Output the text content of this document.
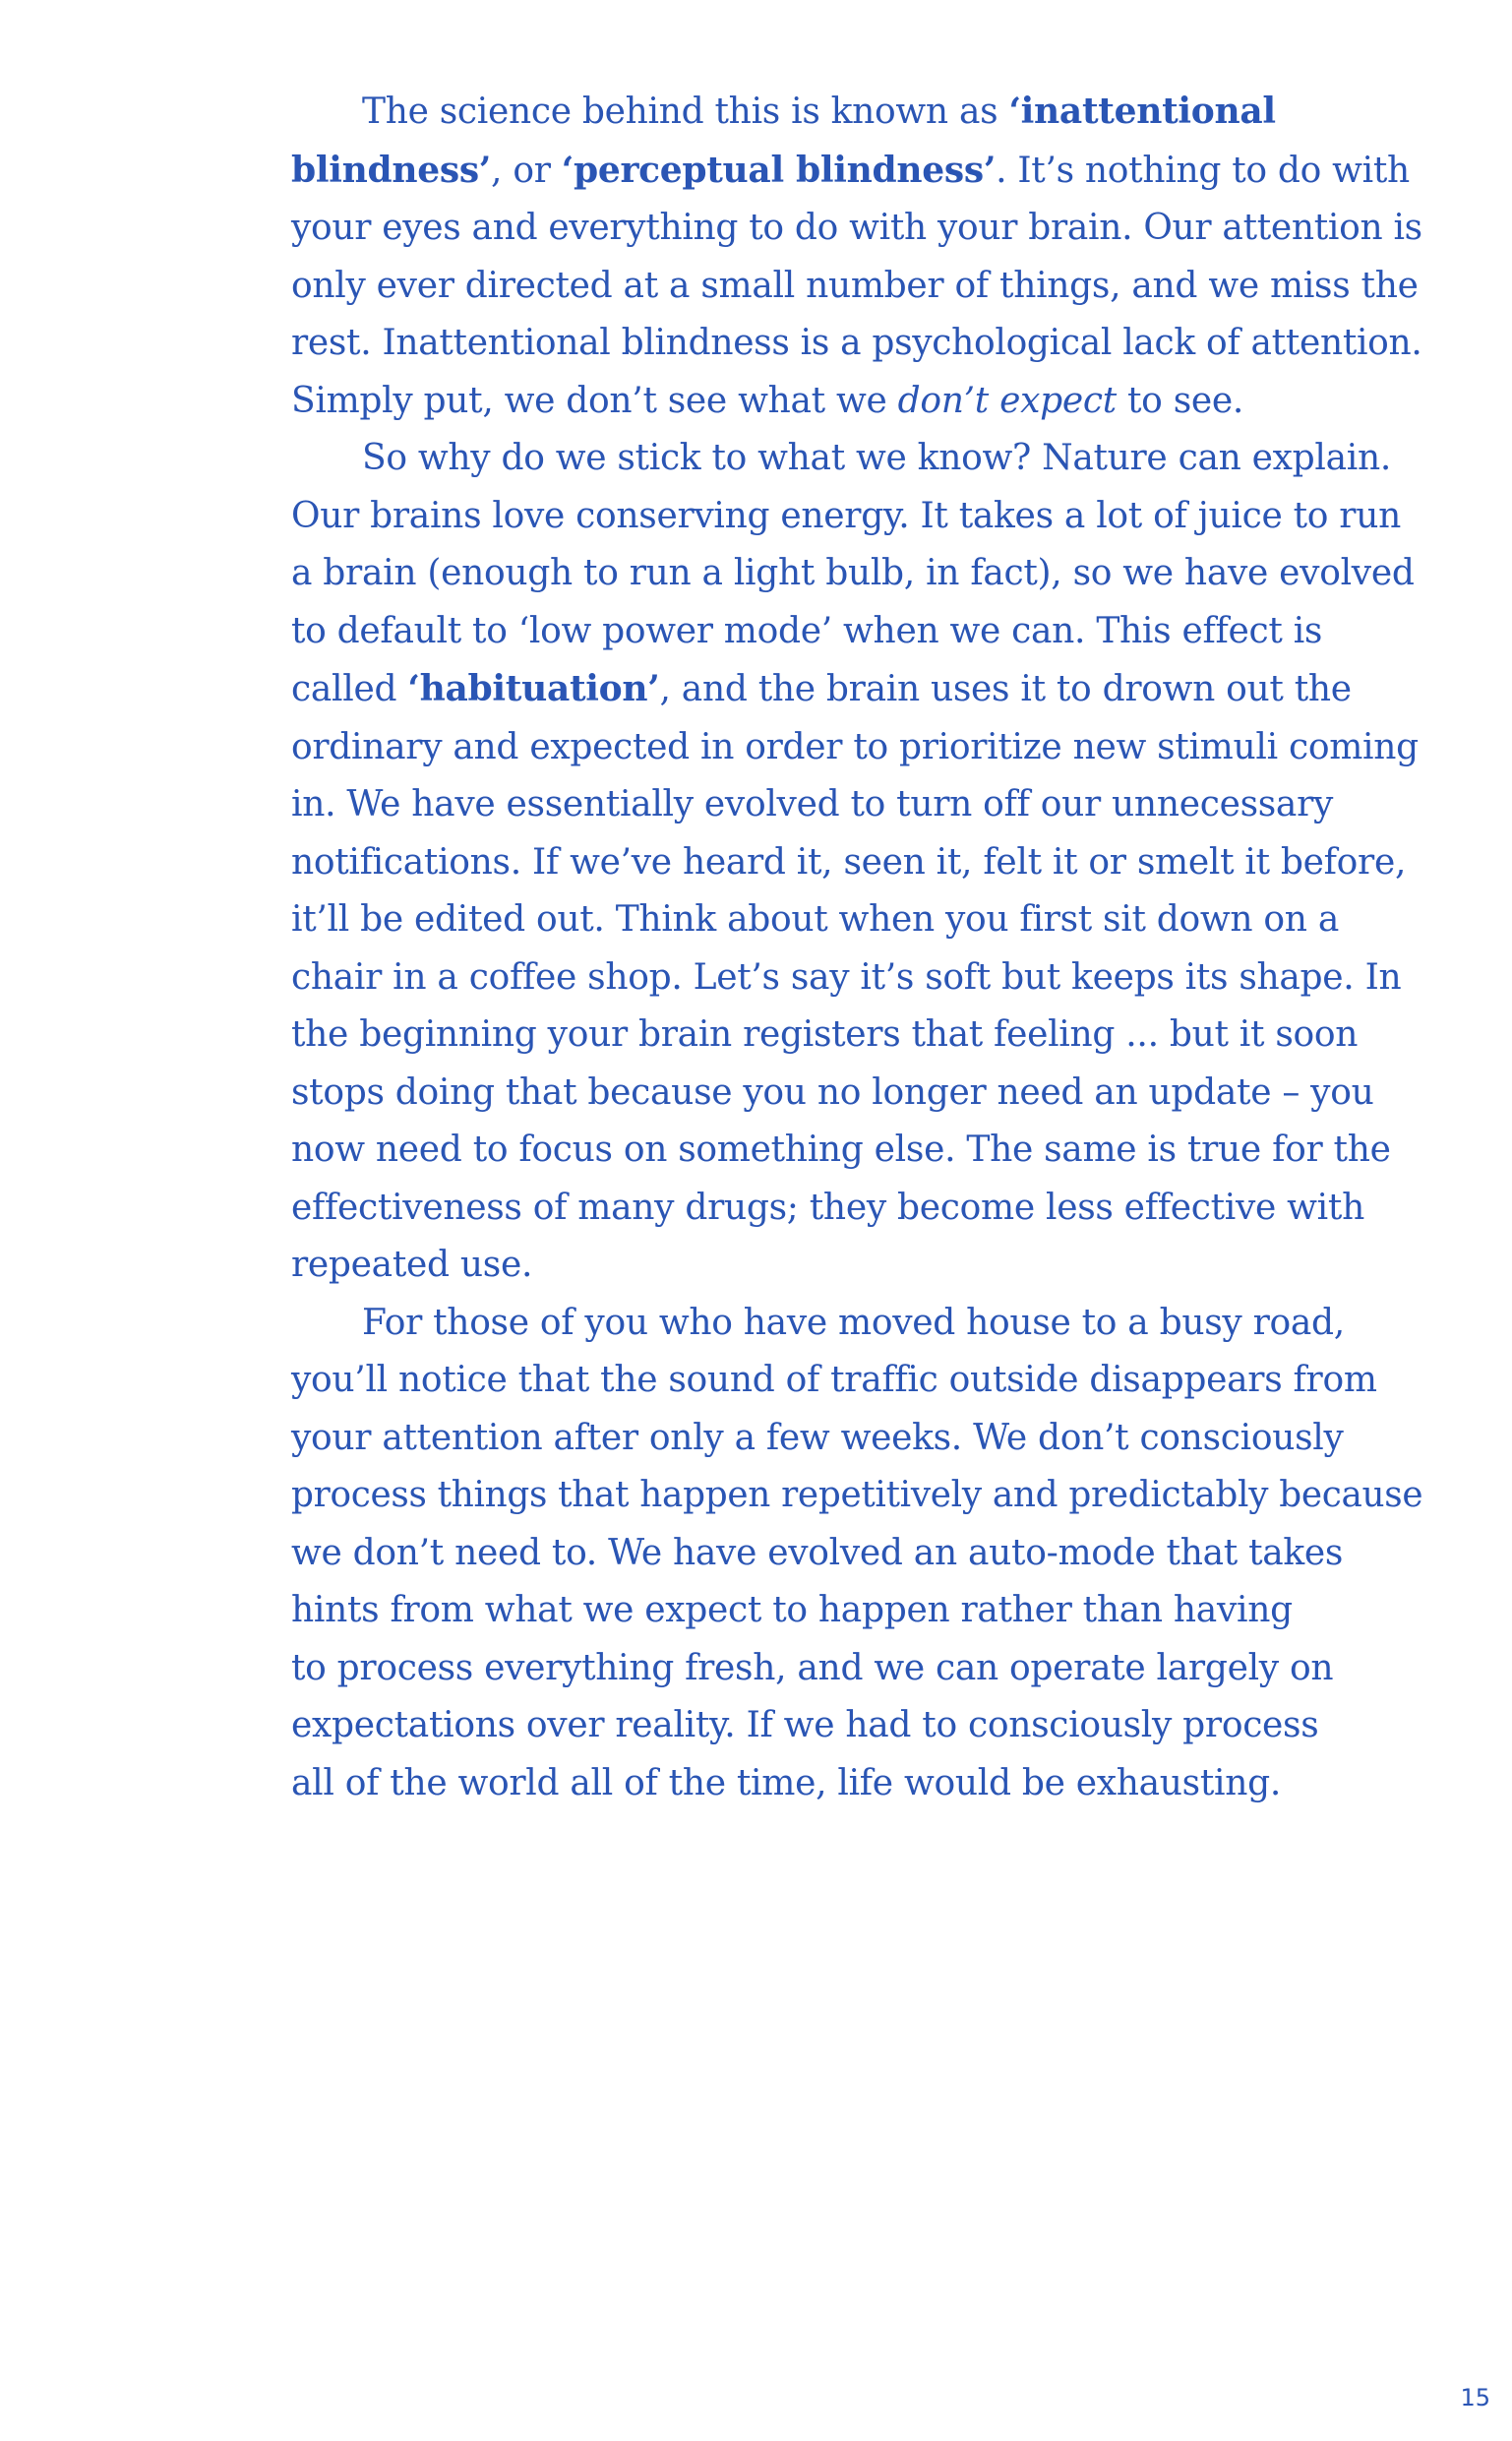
The science behind this is known as ‘inattentional
blindness’, or ‘perceptual blindness’. It’s nothing to do with
your eyes and everything to do with your brain. Our attention is
only ever directed at a small number of things, and we miss the
rest. Inattentional blindness is a psychological lack of attention.
Simply put, we don’t see what we don’t expect to see.
So why do we stick to what we know? Nature can explain.
Our brains love conserving energy. It takes a lot of juice to run
a brain (enough to run a light bulb, in fact), so we have evolved
to default to ‘low power mode’ when we can. This effect is
called ‘habituation’, and the brain uses it to drown out the
ordinary and expected in order to prioritize new stimuli coming
in. We have essentially evolved to turn off our unnecessary
notifications. If we’ve heard it, seen it, felt it or smelt it before,
it’ll be edited out. Think about when you first sit down on a
chair in a coffee shop. Let’s say it’s soft but keeps its shape. In
the beginning your brain registers that feeling ... but it soon
stops doing that because you no longer need an update – you
now need to focus on something else. The same is true for the
effectiveness of many drugs; they become less effective with
repeated use.
For those of you who have moved house to a busy road,
you’ll notice that the sound of traffic outside disappears from
your attention after only a few weeks. We don’t consciously
process things that happen repetitively and predictably because
we don’t need to. We have evolved an auto-mode that takes
hints from what we expect to happen rather than having
to process everything fresh, and we can operate largely on
expectations over reality. If we had to consciously process
all of the world all of the time, life would be exhausting.
15
